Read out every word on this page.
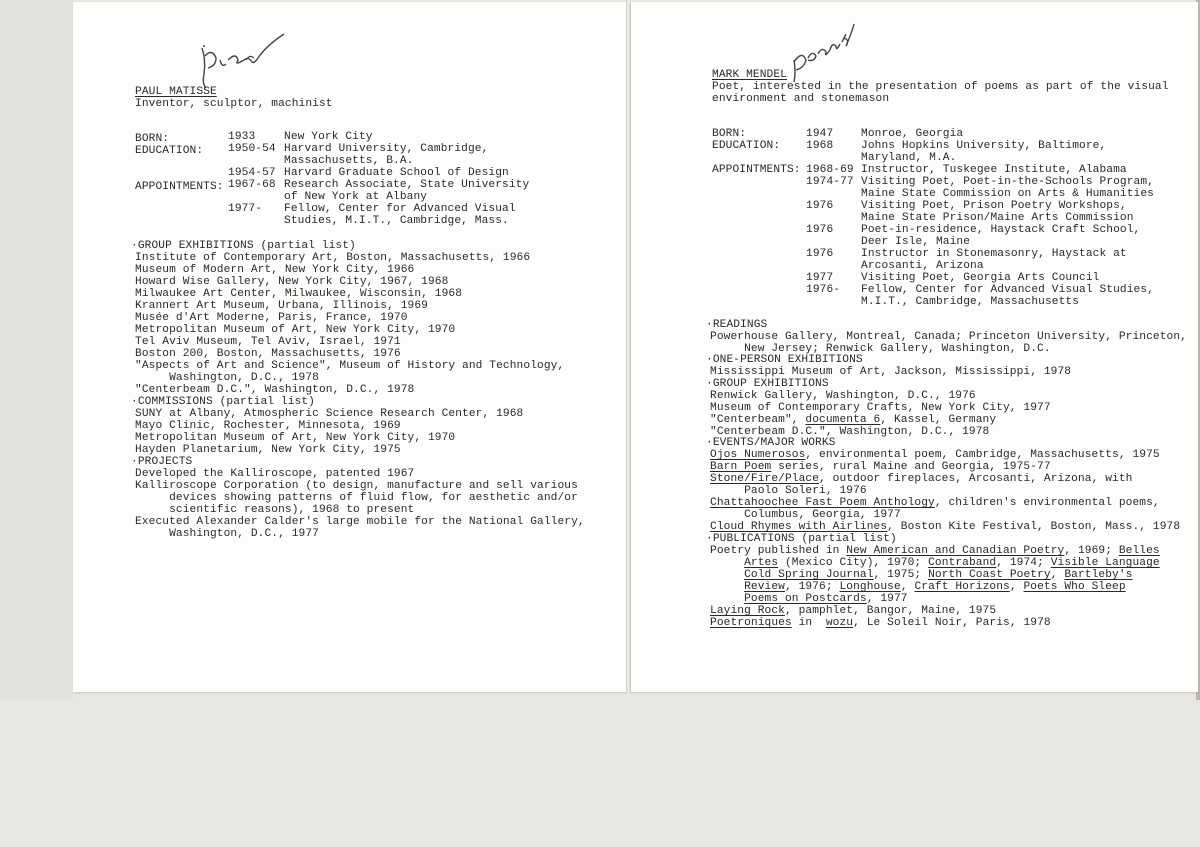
PAUL MATISSE
Inventor, sculptor, machinist
BORN:	1933	New York City
EDUCATION: 1950-54 Harvard University, Cambridge,
Massachusetts, B.A.
1954-57 Harvard Graduate School of Design
APPOINTMENTS: 1967-68 Research Associate, State University
of New York at Albany
1977- Fellow, Center for Advanced Visual
Studies, M.I.T., Cambridge, Mass.
·GROUP EXHIBITIONS (partial list)
Institute of Contemporary Art, Boston, Massachusetts, 1966
Museum of Modern Art, New York City, 1966
Howard Wise Gallery, New York City, 1967, 1968
Milwaukee Art Center, Milwaukee, Wisconsin, 1968
Krannert Art Museum, Urbana, Illinois, 1969
Musée d'Art Moderne, Paris, France, 1970
Metropolitan Museum of Art, New York City, 1970
Tel Aviv Museum, Tel Aviv, Israel, 1971
Boston 200, Boston, Massachusetts, 1976
"Aspects of Art and Science", Museum of History and Technology,
Washington, D.C., 1978
"Centerbeam D.C.", Washington, D.C., 1978
·COMMISSIONS (partial list)
SUNY at Albany, Atmospheric Science Research Center, 1968
Mayo Clinic, Rochester, Minnesota, 1969
Metropolitan Museum of Art, New York City, 1970
Hayden Planetarium, New York City, 1975
·PROJECTS
Developed the Kalliroscope, patented 1967
Kalliroscope Corporation (to design, manufacture and sell various
devices showing patterns of fluid flow, for aesthetic and/or
scientific reasons), 1968 to present
Executed Alexander Calder's large mobile for the National Gallery,
Washington, D.C., 1977
MARK MENDEL
Poet, interested in the presentation of poems as part of the visual
environment and stonemason
BORN:	1947 Monroe, Georgia
EDUCATION: 1968 Johns Hopkins University, Baltimore,
Maryland, M.A.
APPOINTMENTS: 1968-69 Instructor, Tuskegee Institute, Alabama
1974-77 Visiting Poet, Poet-in-the-Schools Program,
Maine State Commission on Arts & Humanities
1976 Visiting Poet, Prison Poetry Workshops,
Maine State Prison/Maine Arts Commission
1976 Poet-in-residence, Haystack Craft School,
Deer Isle, Maine
1976 Instructor in Stonemasonry, Haystack at
Arcosanti, Arizona
1977 Visiting Poet, Georgia Arts Council
1976- Fellow, Center for Advanced Visual Studies,
M.I.T., Cambridge, Massachusetts
·READINGS
Powerhouse Gallery, Montreal, Canada; Princeton University, Princeton,
New Jersey; Renwick Gallery, Washington, D.C.
·ONE-PERSON EXHIBITIONS
Mississippi Museum of Art, Jackson, Mississippi, 1978
·GROUP EXHIBITIONS
Renwick Gallery, Washington, D.C., 1976
Museum of Contemporary Crafts, New York City, 1977
"Centerbeam", documenta 6, Kassel, Germany
"Centerbeam D.C.", Washington, D.C., 1978
·EVENTS/MAJOR WORKS
Ojos Numerosos, environmental poem, Cambridge, Massachusetts, 1975
Barn Poem series, rural Maine and Georgia, 1975-77
Stone/Fire/Place, outdoor fireplaces, Arcosanti, Arizona, with
Paolo Soleri, 1976
Chattahoochee Fast Poem Anthology, children's environmental poems,
Columbus, Georgia, 1977
Cloud Rhymes with Airlines, Boston Kite Festival, Boston, Mass., 1978
·PUBLICATIONS (partial list)
Poetry published in New American and Canadian Poetry, 1969; Belles
Artes (Mexico City), 1970; Contraband, 1974; Visible Language
Cold Spring Journal, 1975; North Coast Poetry, Bartleby's
Review, 1976; Longhouse, Craft Horizons, Poets Who Sleep
Poems on Postcards, 1977
Laying Rock, pamphlet, Bangor, Maine, 1975
Poetroniques in  wozu, Le Soleil Noir, Paris, 1978
